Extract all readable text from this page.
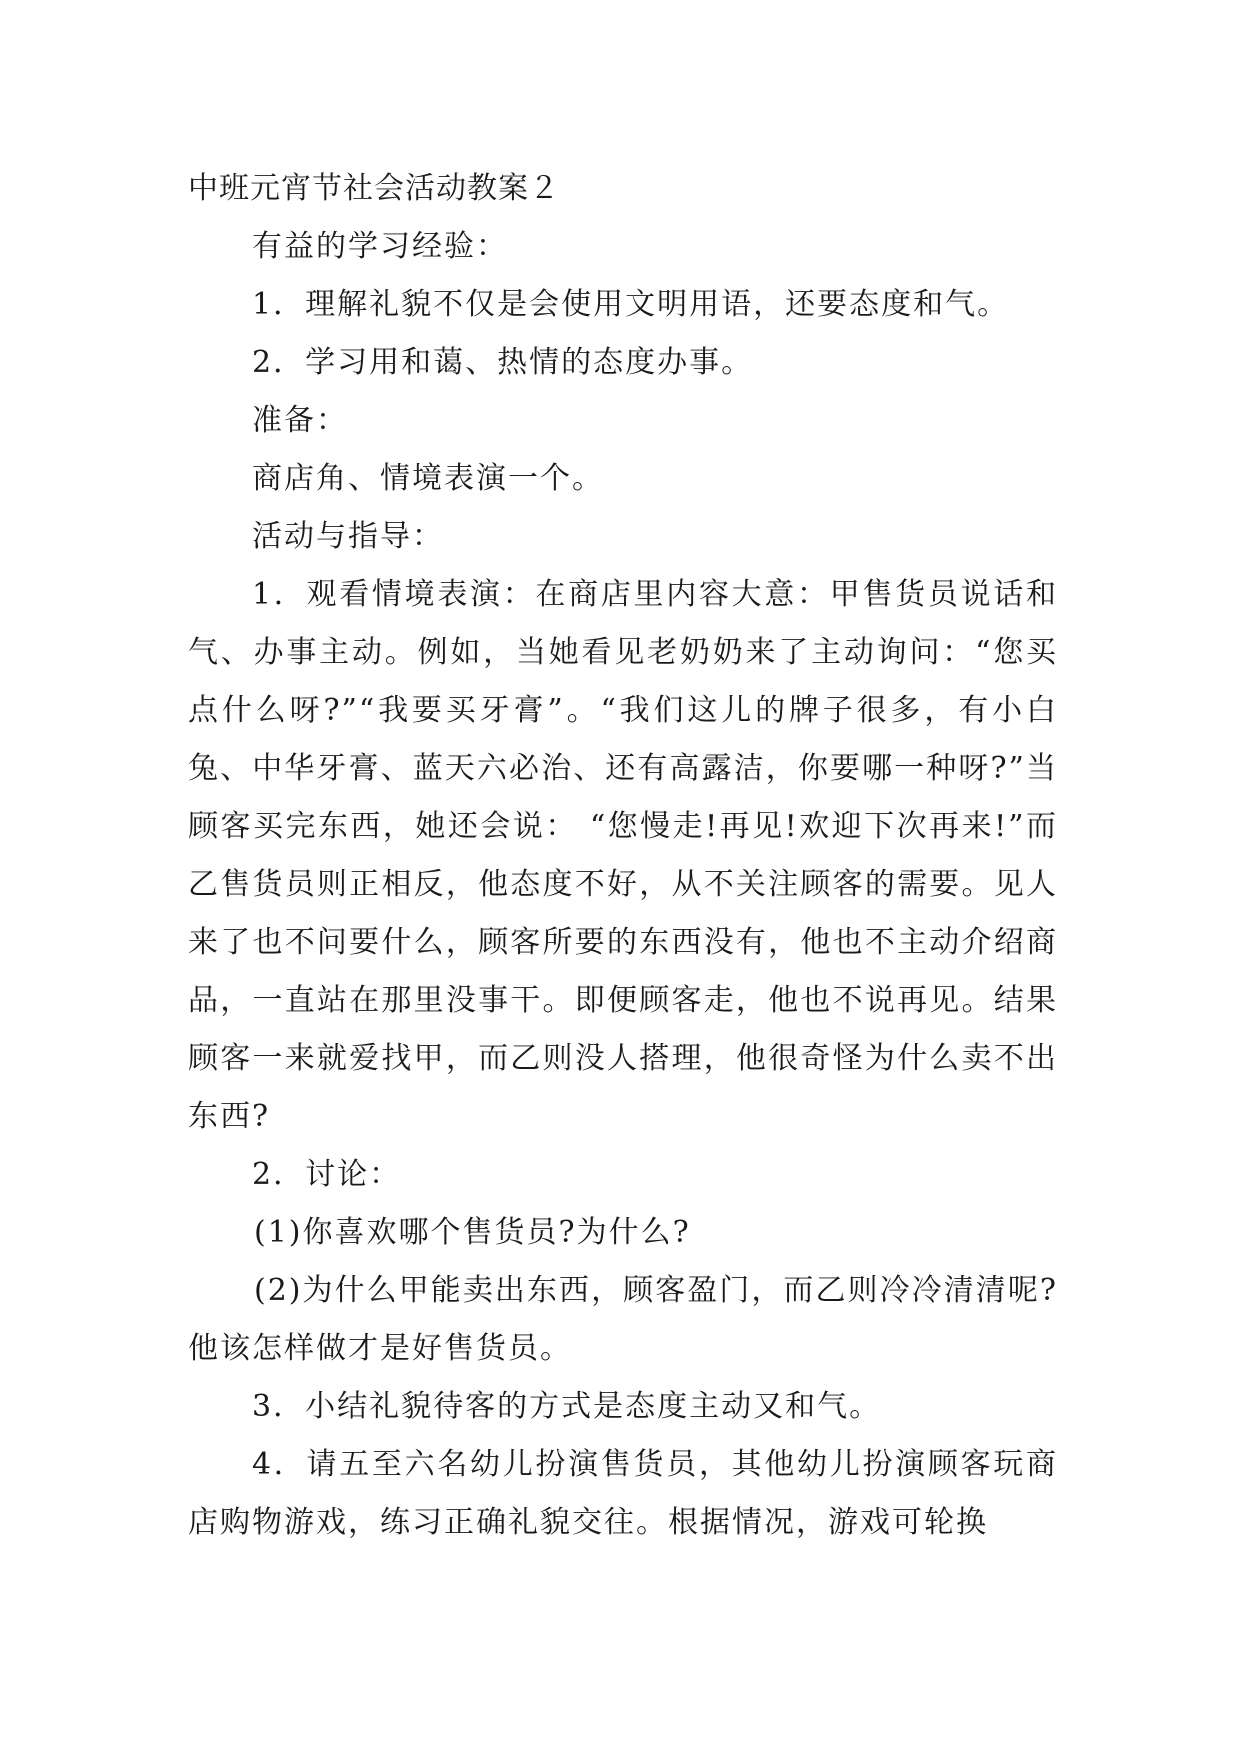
中班元宵节社会活动教案２

有益的学习经验：

1．理解礼貌不仅是会使用文明用语，还要态度和气。

2．学习用和蔼、热情的态度办事。

准备：

商店角、情境表演一个。

活动与指导：

1．观看情境表演：在商店里内容大意：甲售货员说话和气、办事主动。例如，当她看见老奶奶来了主动询问：“您买点什么呀?”“我要买牙膏”。“我们这儿的牌子很多，有小白兔、中华牙膏、蓝天六必治、还有高露洁，你要哪一种呀?”当顾客买完东西，她还会说： “您慢走!再见!欢迎下次再来!”而乙售货员则正相反，他态度不好，从不关注顾客的需要。见人来了也不问要什么，顾客所要的东西没有，他也不主动介绍商品，一直站在那里没事干。即便顾客走，他也不说再见。结果顾客一来就爱找甲，而乙则没人搭理，他很奇怪为什么卖不出东西?

2．讨论：

(1)你喜欢哪个售货员?为什么?

(2)为什么甲能卖出东西，顾客盈门，而乙则冷冷清清呢?他该怎样做才是好售货员。

3．小结礼貌待客的方式是态度主动又和气。

4．请五至六名幼儿扮演售货员，其他幼儿扮演顾客玩商店购物游戏，练习正确礼貌交往。根据情况，游戏可轮换
